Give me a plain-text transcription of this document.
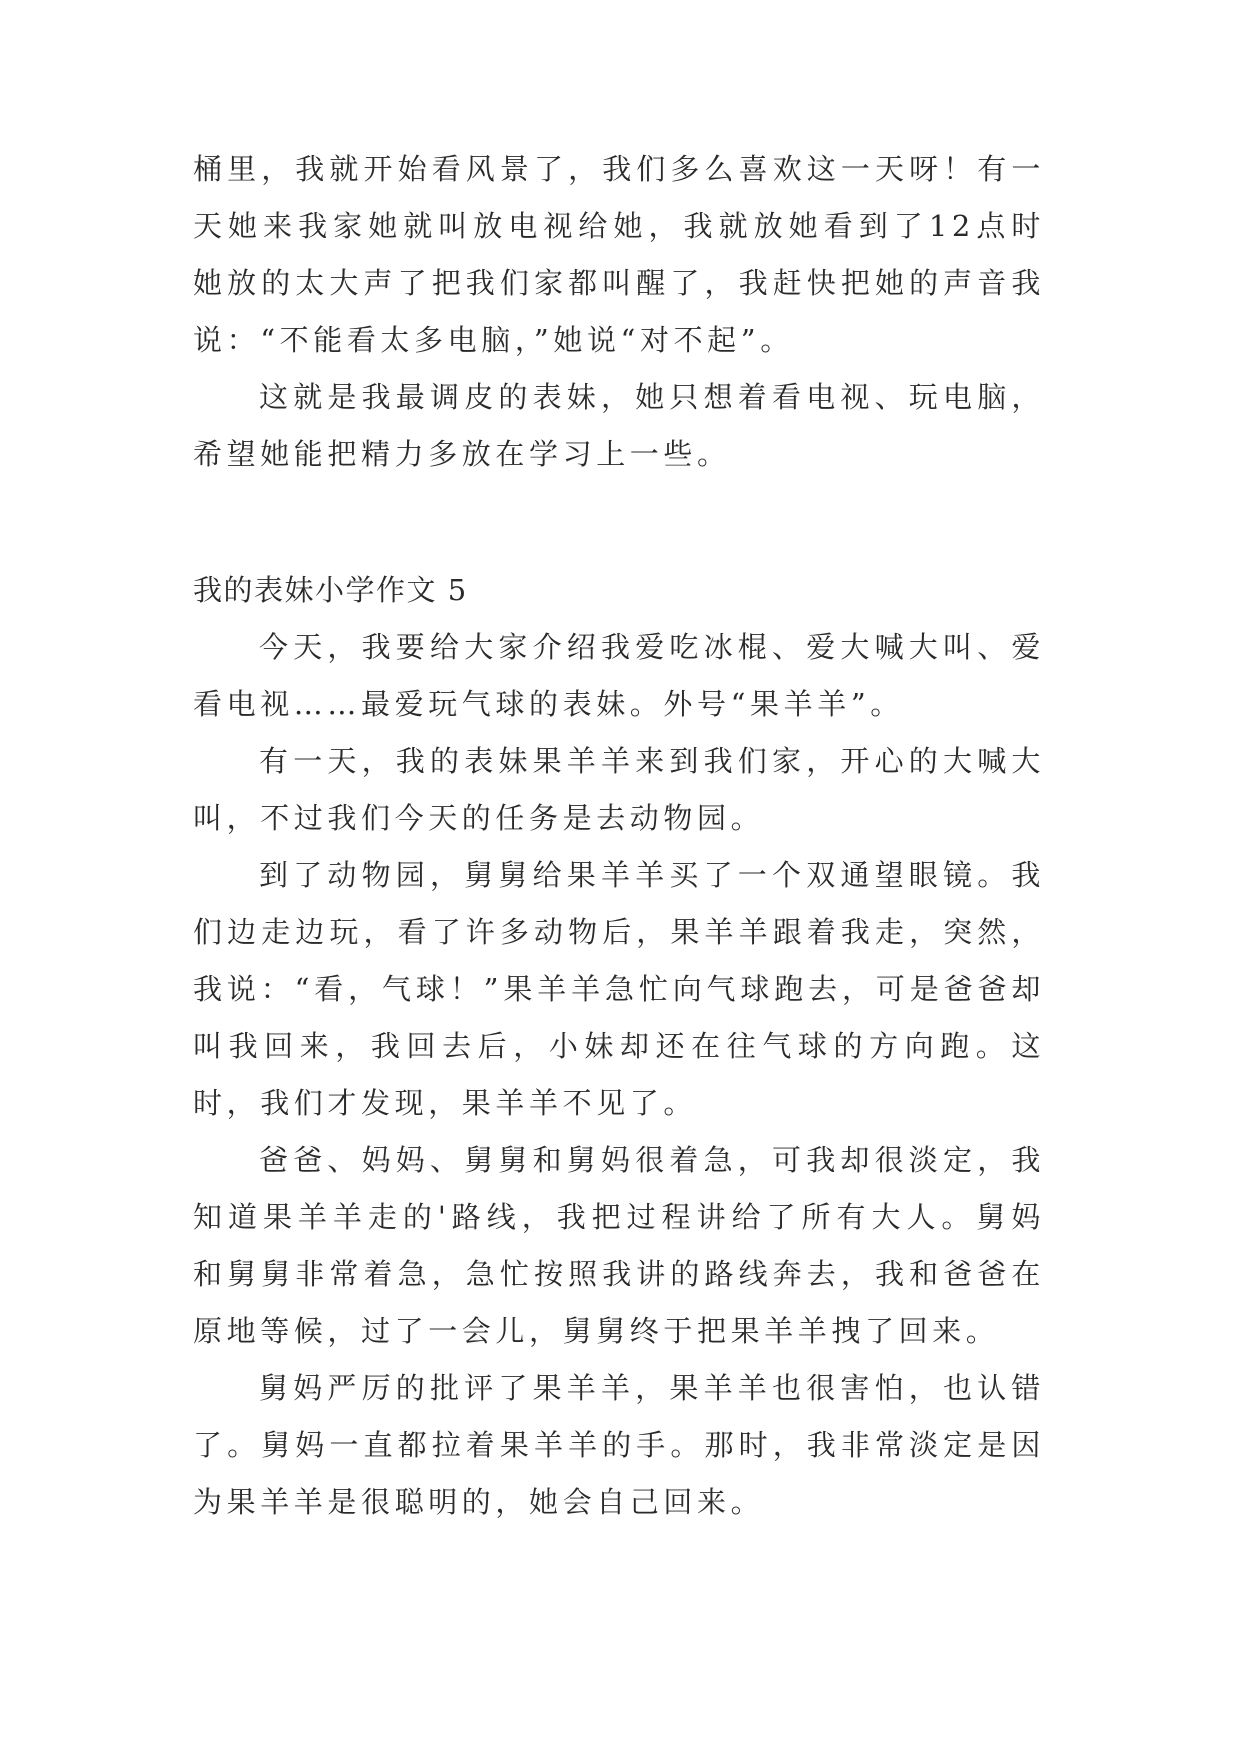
桶里，我就开始看风景了，我们多么喜欢这一天呀！有一天她来我家她就叫放电视给她，我就放她看到了12点时她放的太大声了把我们家都叫醒了，我赶快把她的声音我说：“不能看太多电脑，”她说“对不起”。

这就是我最调皮的表妹，她只想着看电视、玩电脑，希望她能把精力多放在学习上一些。

我的表妹小学作文 5

今天，我要给大家介绍我爱吃冰棍、爱大喊大叫、爱看电视……最爱玩气球的表妹。外号“果羊羊”。

有一天，我的表妹果羊羊来到我们家，开心的大喊大叫，不过我们今天的任务是去动物园。

到了动物园，舅舅给果羊羊买了一个双通望眼镜。我们边走边玩，看了许多动物后，果羊羊跟着我走，突然，我说：“看，气球！”果羊羊急忙向气球跑去，可是爸爸却叫我回来，我回去后，小妹却还在往气球的方向跑。这时，我们才发现，果羊羊不见了。

爸爸、妈妈、舅舅和舅妈很着急，可我却很淡定，我知道果羊羊走的'路线，我把过程讲给了所有大人。舅妈和舅舅非常着急，急忙按照我讲的路线奔去，我和爸爸在原地等候，过了一会儿，舅舅终于把果羊羊拽了回来。

舅妈严厉的批评了果羊羊，果羊羊也很害怕，也认错了。舅妈一直都拉着果羊羊的手。那时，我非常淡定是因为果羊羊是很聪明的，她会自己回来。
